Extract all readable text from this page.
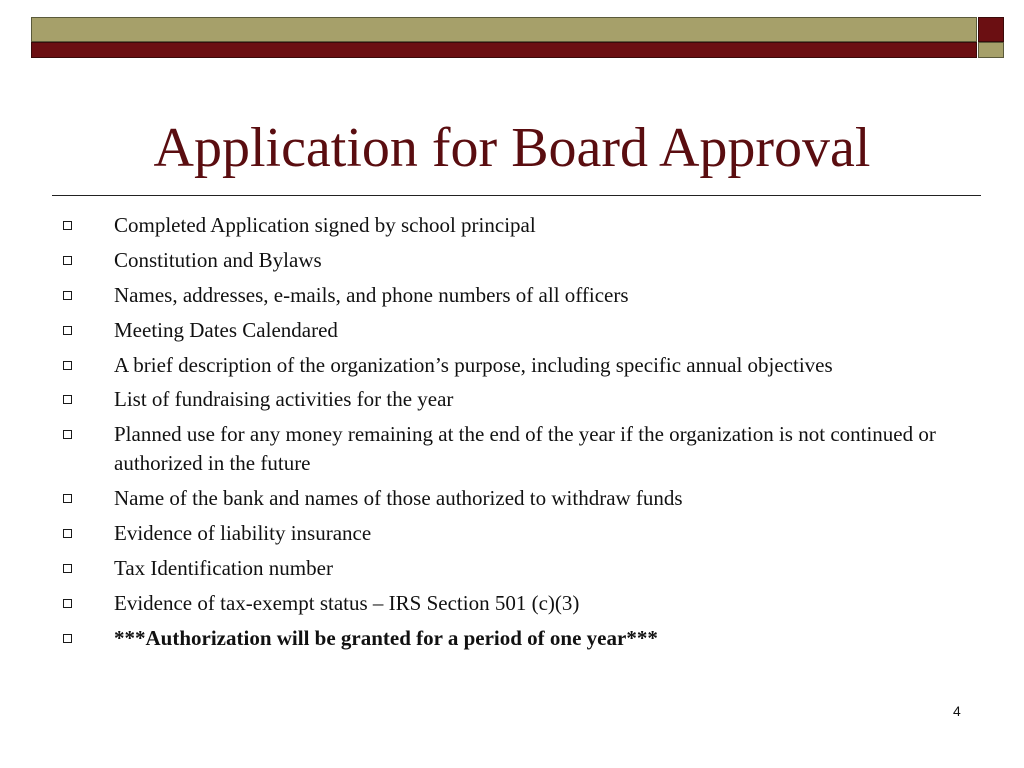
Application for Board Approval
Completed Application signed by school principal
Constitution and Bylaws
Names, addresses, e-mails, and phone numbers of all officers
Meeting Dates Calendared
A brief description of the organization’s purpose, including specific annual objectives
List of fundraising activities for the year
Planned use for any money remaining at the end of the year if the organization is not continued or authorized in the future
Name of the bank and names of those authorized to withdraw funds
Evidence of liability insurance
Tax Identification number
Evidence of tax-exempt status – IRS Section 501 (c)(3)
***Authorization will be granted for a period of one year***
4
